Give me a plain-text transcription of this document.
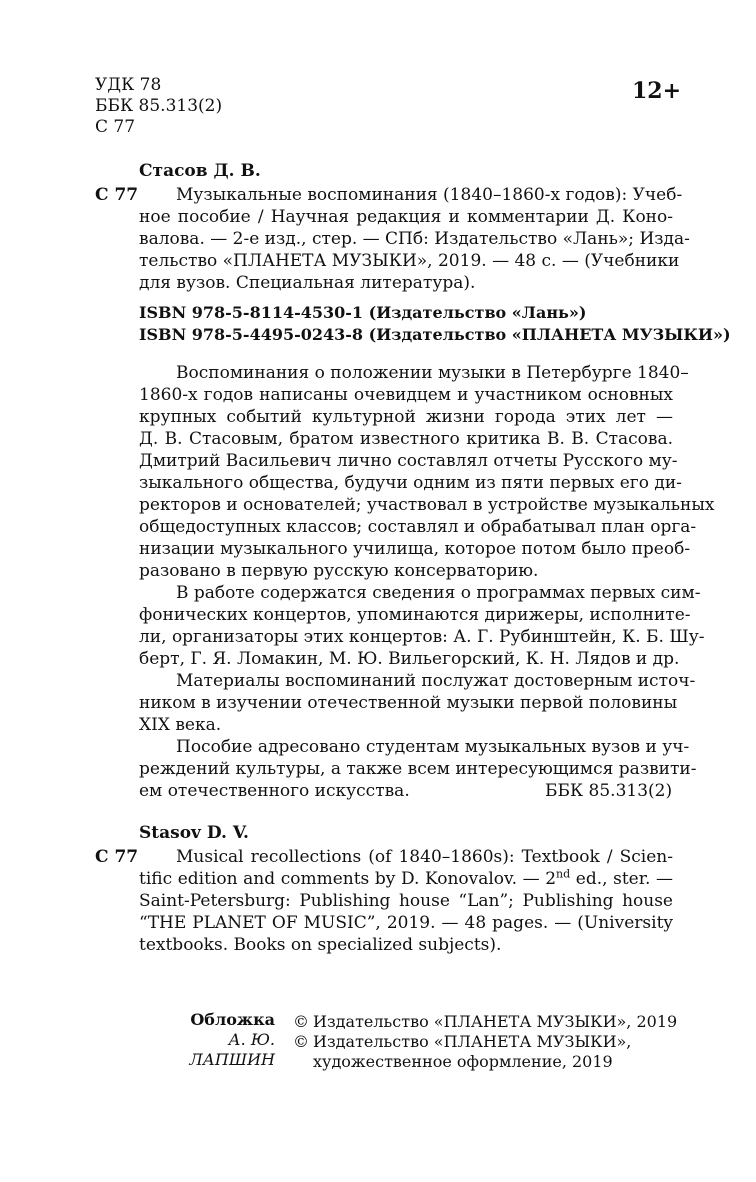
УДК 78
ББК 85.313(2)
С 77
12+
Стасов Д. В.
С 77 Музыкальные воспоминания (1840–1860-х годов): Учеб-
ное пособие / Научная редакция и комментарии Д. Коно-
валова. — 2-е изд., стер. — СПб: Издательство «Лань»; Изда-
тельство «ПЛАНЕТА МУЗЫКИ», 2019. — 48 с. — (Учебники
для вузов. Специальная литература).
ISBN 978-5-8114-4530-1 (Издательство «Лань»)
ISBN 978-5-4495-0243-8 (Издательство «ПЛАНЕТА МУЗЫКИ»)
Воспоминания о положении музыки в Петербурге 1840–
1860-х годов написаны очевидцем и участником основных
крупных событий культурной жизни города этих лет —
Д. В. Стасовым, братом известного критика В. В. Стасова.
Дмитрий Васильевич лично составлял отчеты Русского му-
зыкального общества, будучи одним из пяти первых его ди-
ректоров и основателей; участвовал в устройстве музыкальных
общедоступных классов; составлял и обрабатывал план орга-
низации музыкального училища, которое потом было преоб-
разовано в первую русскую консерваторию.
В работе содержатся сведения о программах первых сим-
фонических концертов, упоминаются дирижеры, исполните-
ли, организаторы этих концертов: А. Г. Рубинштейн, К. Б. Шу-
берт, Г. Я. Ломакин, М. Ю. Вильегорский, К. Н. Лядов и др.
Материалы воспоминаний послужат достоверным источ-
ником в изучении отечественной музыки первой половины
XIX века.
Пособие адресовано студентам музыкальных вузов и уч-
реждений культуры, а также всем интересующимся развити-
ем отечественного искусства.	ББК 85.313(2)
Stasov D. V.
С 77 Musical recollections (of 1840–1860s): Textbook / Scien-
tific edition and comments by D. Konovalov. — 2nd ed., ster. —
Saint-Petersburg: Publishing house “Lan”; Publishing house
“THE PLANET OF MUSIC”, 2019. — 48 pages. — (University
textbooks. Books on specialized subjects).
Обложка
А. Ю. ЛАПШИН
© Издательство «ПЛАНЕТА МУЗЫКИ», 2019
© Издательство «ПЛАНЕТА МУЗЫКИ»,
художественное оформление, 2019
